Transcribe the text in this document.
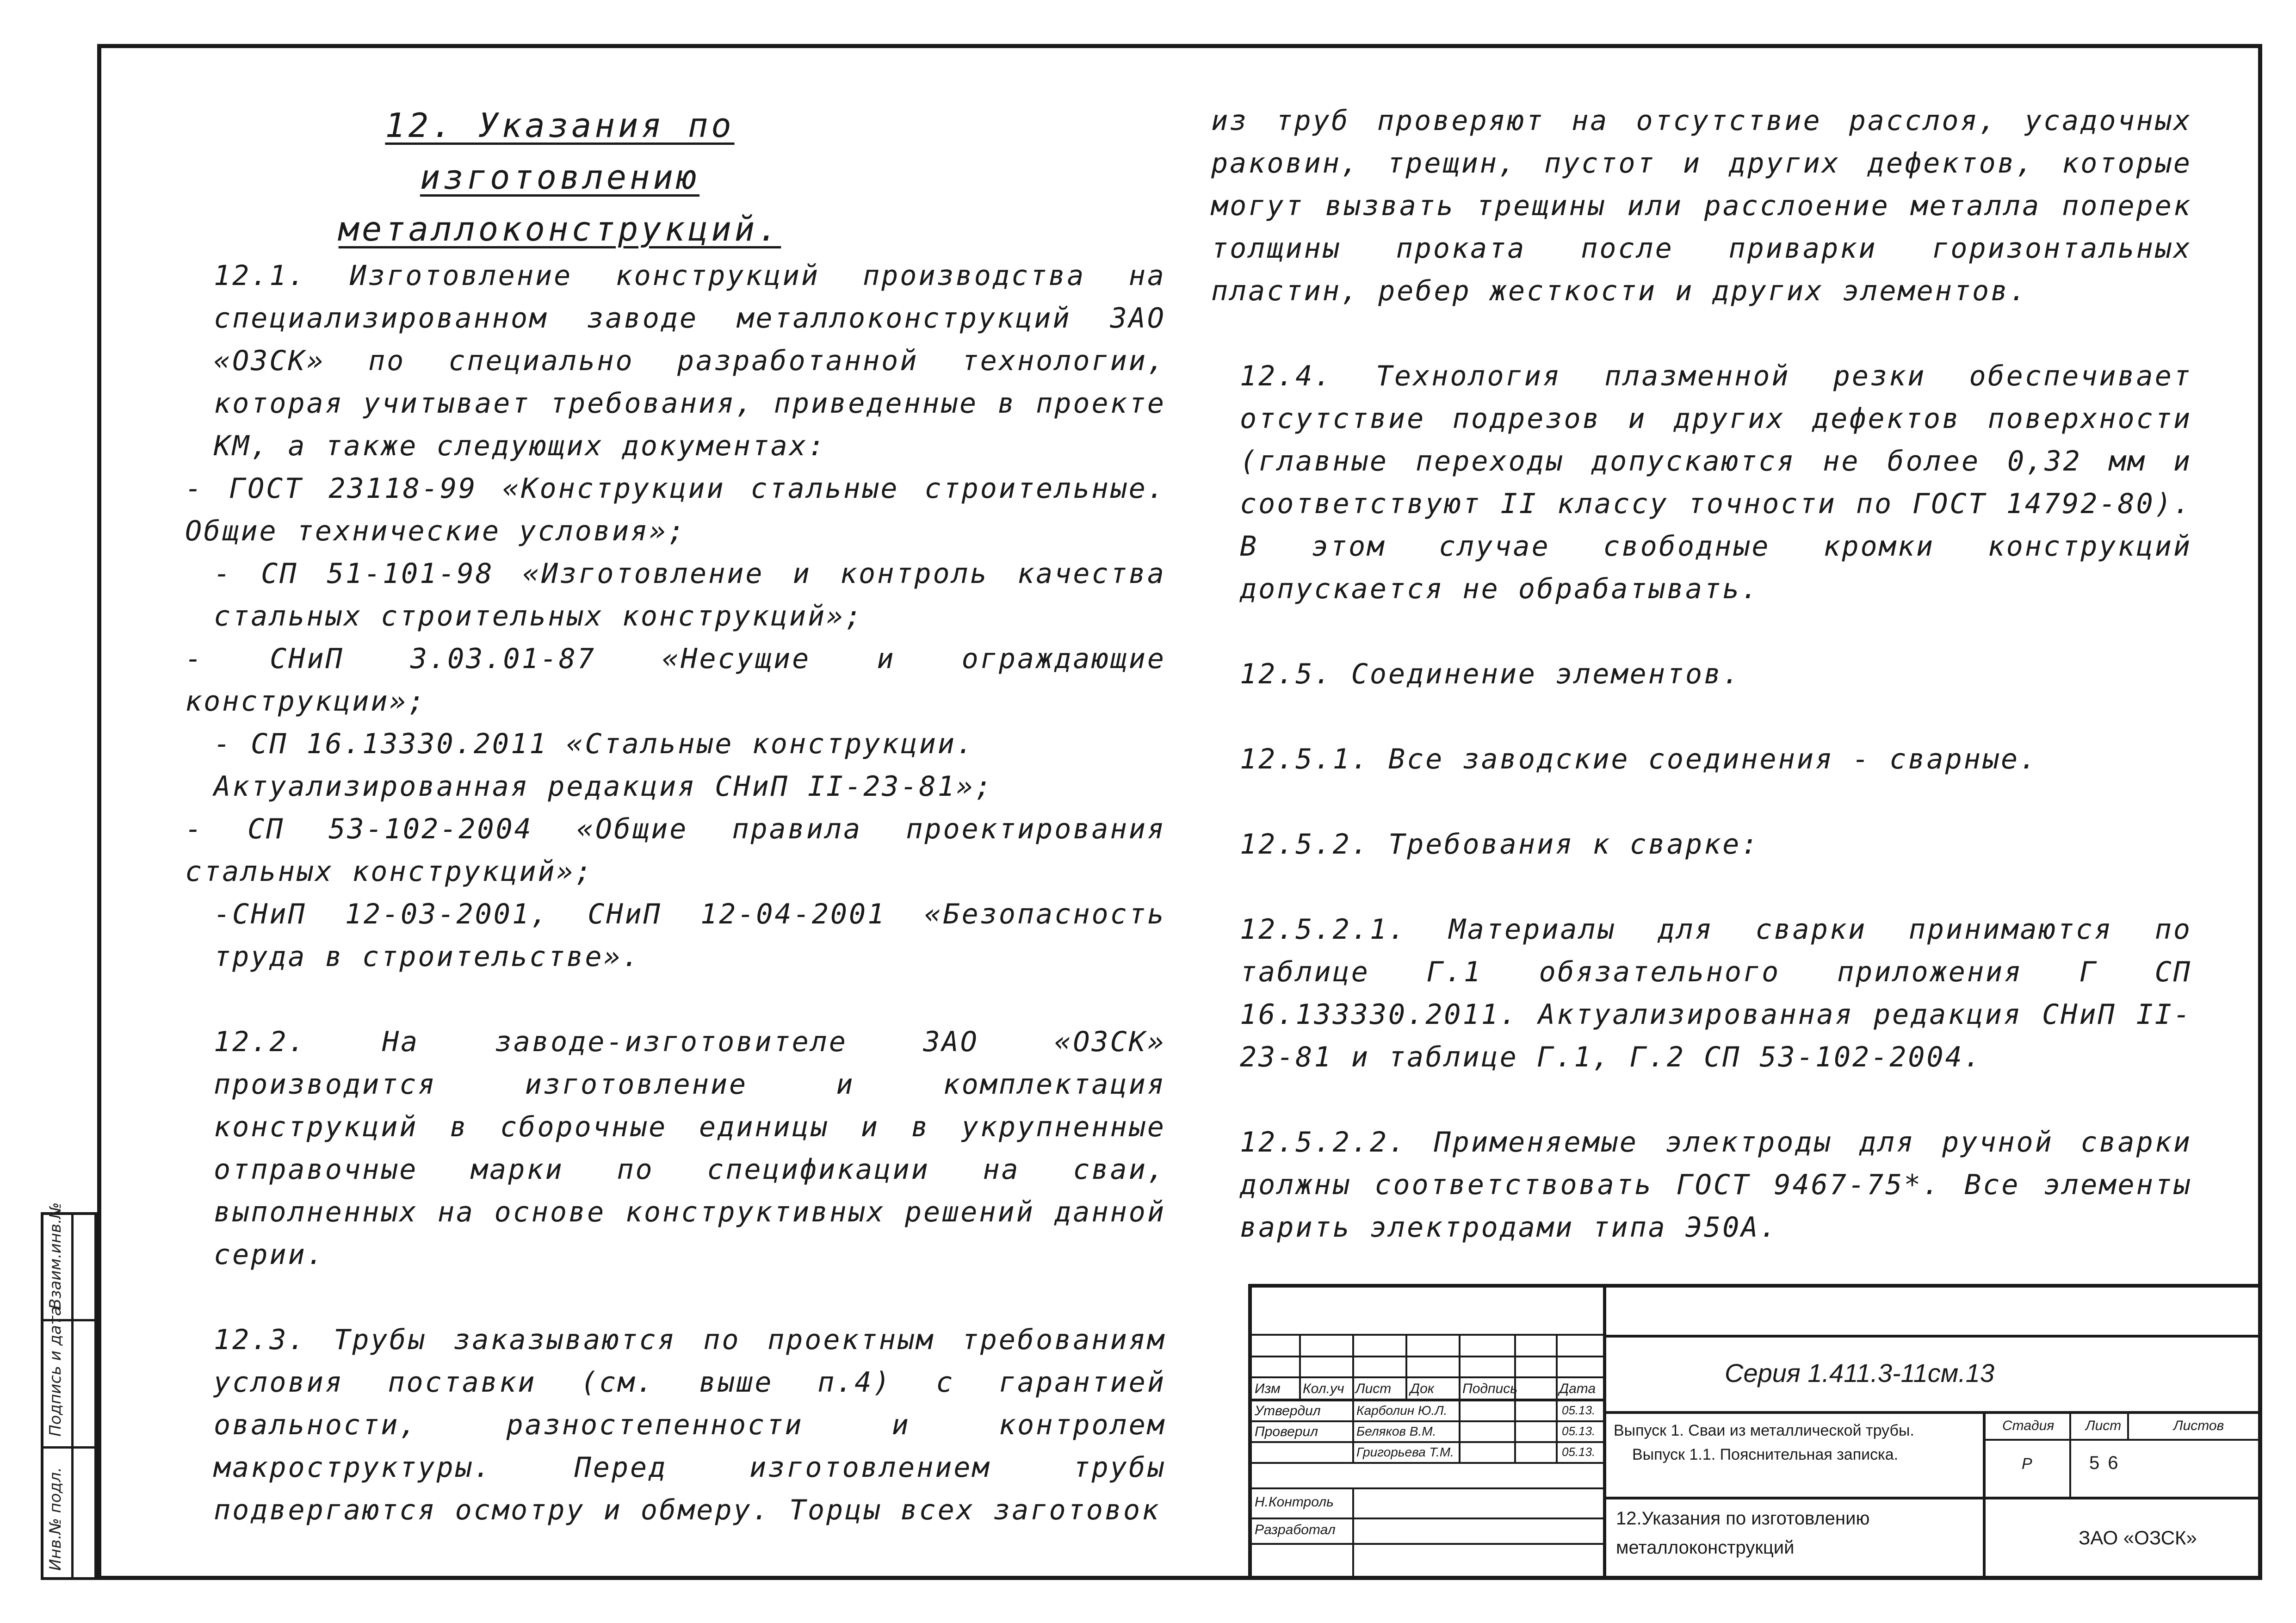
Взаим.инв.№
Подпись и дата
Инв.№ подл.
12. Указания по изготовлению
металлоконструкций.

12.1. Изготовление конструкций производства на специализированном заводе металлоконструкций ЗАО «ОЗСК» по специально разработанной технологии, которая учитывает требования, приведенные в проекте КМ, а также следующих документах:

- ГОСТ 23118-99 «Конструкции стальные строительные. Общие технические условия»;

- СП 51-101-98 «Изготовление и контроль качества стальных строительных конструкций»;

- СНиП 3.03.01-87 «Несущие и ограждающие конструкции»;

- СП 16.13330.2011 «Стальные конструкции.

Актуализированная редакция СНиП II-23-81»;

- СП 53-102-2004 «Общие правила проектирования стальных конструкций»;

-СНиП 12-03-2001, СНиП 12-04-2001 «Безопасность труда в строительстве».

12.2. На заводе-изготовителе ЗАО «ОЗСК» производится изготовление и комплектация конструкций в сборочные единицы и в укрупненные отправочные марки по спецификации на сваи, выполненных на основе конструктивных решений данной серии.

12.3. Трубы заказываются по проектным требованиям условия поставки (см. выше п.4) с гарантией овальности, разностепенности и контролем макроструктуры. Перед изготовлением трубы подвергаются осмотру и обмеру. Торцы всех заготовок

из труб проверяют на отсутствие расслоя, усадочных раковин, трещин, пустот и других дефектов, которые могут вызвать трещины или расслоение металла поперек толщины проката после приварки горизонтальных пластин, ребер жесткости и других элементов.

12.4. Технология плазменной резки обеспечивает отсутствие подрезов и других дефектов поверхности (главные переходы допускаются не более 0,32 мм и соответствуют II классу точности по ГОСТ 14792-80). В этом случае свободные кромки конструкций допускается не обрабатывать.

12.5. Соединение элементов.

12.5.1. Все заводские соединения - сварные.

12.5.2. Требования к сварке:

12.5.2.1. Материалы для сварки принимаются по таблице Г.1 обязательного приложения Г СП 16.133330.2011. Актуализированная редакция СНиП II-23-81 и таблице Г.1, Г.2 СП 53-102-2004.

12.5.2.2. Применяемые электроды для ручной сварки должны соответствовать ГОСТ 9467-75*. Все элементы варить электродами типа Э50А.

Изм Кол.уч Лист Док Подпись	Дата
Утвердил	Карболин Ю.Л.	05.13.
Проверил	Беляков В.М.	05.13.
Григорьева Т.М.	05.13.
Н.Контроль
Разработал
Серия 1.411.3-11см.13
Выпуск 1. Сваи из металлической трубы.
Выпуск 1.1. Пояснительная записка.
Стадия Лист	Листов
Р	56
12.Указания по изготовлению
металлоконструкций	ЗАО «ОЗСК»
